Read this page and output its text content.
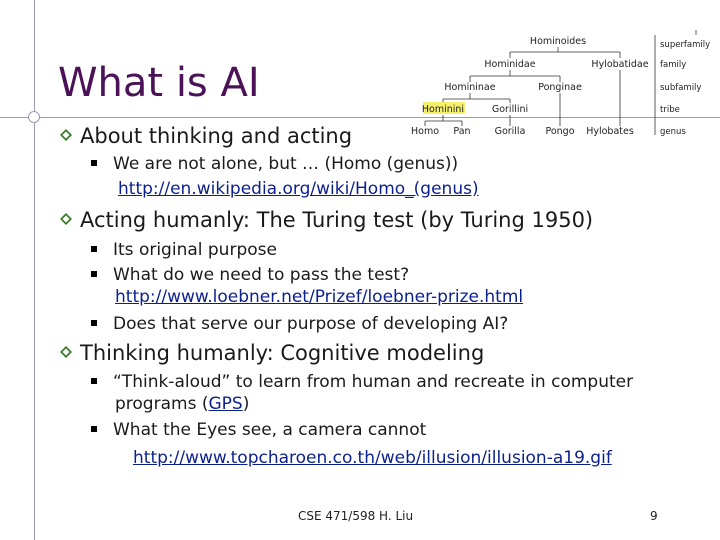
What is AI
Hominoides
Hominidae	Hylobatidae
Homininae	Ponginae
Hominini	Gorillini
Homo Pan	Gorilla Pongo Hylobates
superfamily
family
subfamily
tribe
genus
About thinking and acting
We are not alone, but … (Homo (genus))
http://en.wikipedia.org/wiki/Homo_(genus)
Acting humanly: The Turing test (by Turing 1950)
Its original purpose
What do we need to pass the test?
http://www.loebner.net/Prizef/loebner-prize.html
Does that serve our purpose of developing AI?
Thinking humanly: Cognitive modeling
“Think-aloud” to learn from human and recreate in computer
programs (GPS)
What the Eyes see, a camera cannot
http://www.topcharoen.co.th/web/illusion/illusion-a19.gif
CSE 471/598 H. Liu	9
